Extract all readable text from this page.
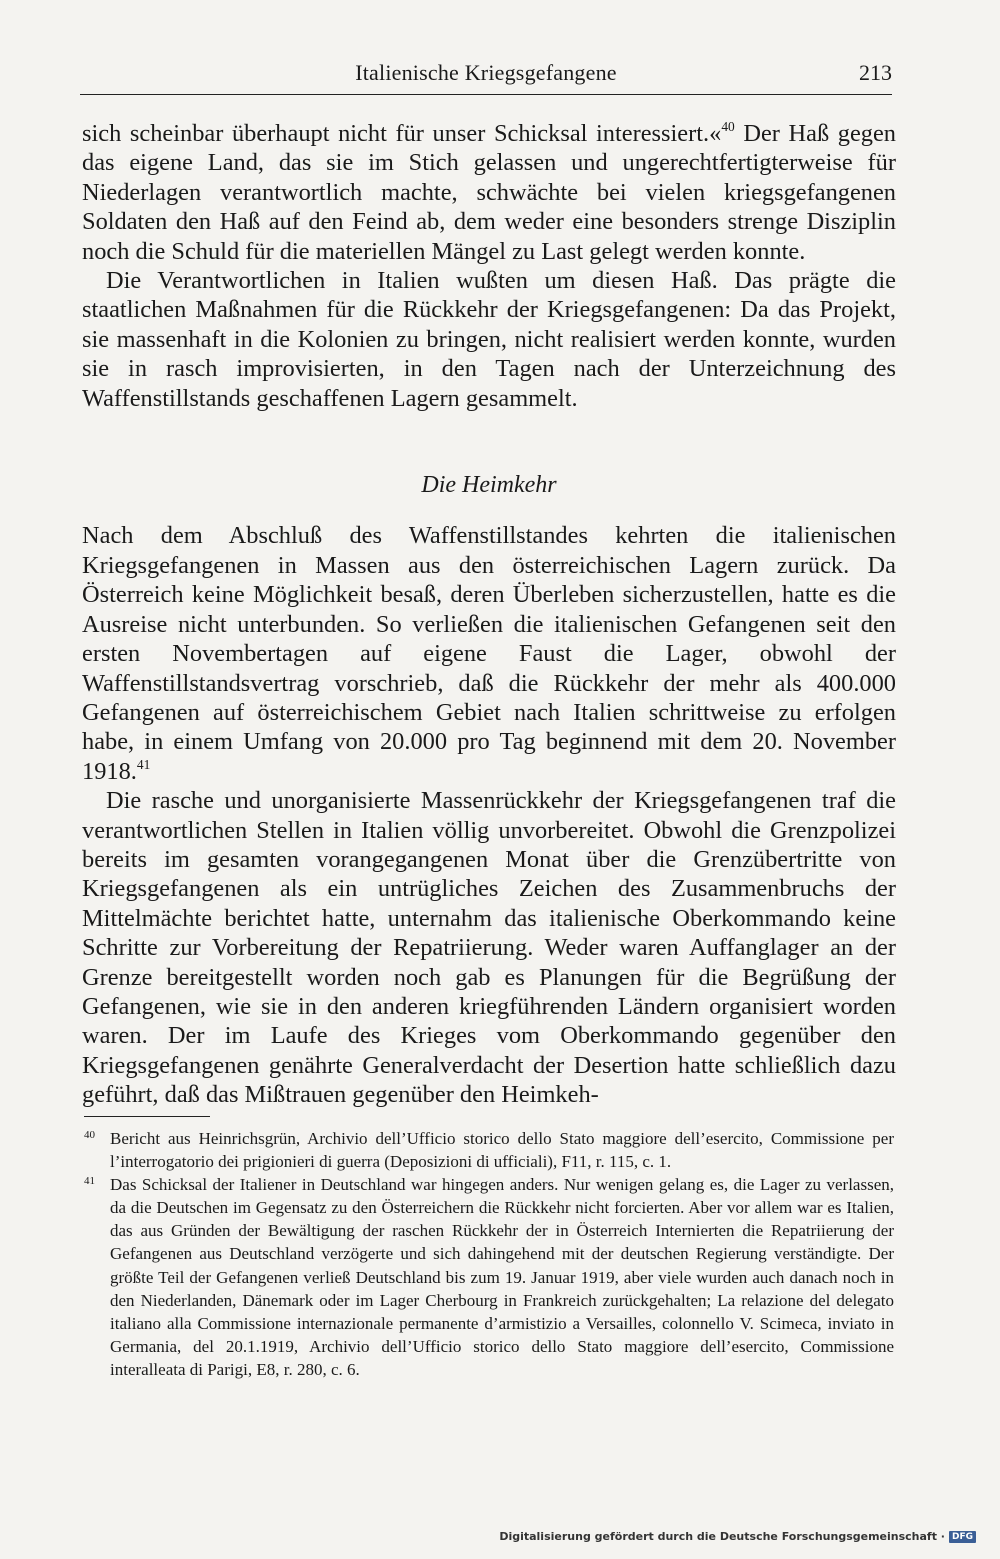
Italienische Kriegsgefangene	213

sich scheinbar überhaupt nicht für unser Schicksal interessiert.«$^{40}$ Der Haß gegen das eigene Land, das sie im Stich gelassen und ungerechtfertigterweise für Niederlagen verantwortlich machte, schwächte bei vielen kriegsgefangenen Soldaten den Haß auf den Feind ab, dem weder eine besonders strenge Disziplin noch die Schuld für die materiellen Mängel zu Last gelegt werden konnte.

Die Verantwortlichen in Italien wußten um diesen Haß. Das prägte die staatlichen Maßnahmen für die Rückkehr der Kriegsgefangenen: Da das Projekt, sie massenhaft in die Kolonien zu bringen, nicht realisiert werden konnte, wurden sie in rasch improvisierten, in den Tagen nach der Unterzeichnung des Waffenstillstands geschaffenen Lagern gesammelt.

Die Heimkehr

Nach dem Abschluß des Waffenstillstandes kehrten die italienischen Kriegsgefangenen in Massen aus den österreichischen Lagern zurück. Da Österreich keine Möglichkeit besaß, deren Überleben sicherzustellen, hatte es die Ausreise nicht unterbunden. So verließen die italienischen Gefangenen seit den ersten Novembertagen auf eigene Faust die Lager, obwohl der Waffenstillstandsvertrag vorschrieb, daß die Rückkehr der mehr als 400.000 Gefangenen auf österreichischem Gebiet nach Italien schrittweise zu erfolgen habe, in einem Umfang von 20.000 pro Tag beginnend mit dem 20. November 1918.41

Die rasche und unorganisierte Massenrückkehr der Kriegsgefangenen traf die verantwortlichen Stellen in Italien völlig unvorbereitet. Obwohl die Grenzpolizei bereits im gesamten vorangegangenen Monat über die Grenzübertritte von Kriegsgefangenen als ein untrügliches Zeichen des Zusammenbruchs der Mittelmächte berichtet hatte, unternahm das italienische Oberkommando keine Schritte zur Vorbereitung der Repatriierung. Weder waren Auffanglager an der Grenze bereitgestellt worden noch gab es Planungen für die Begrüßung der Gefangenen, wie sie in den anderen kriegführenden Ländern organisiert worden waren. Der im Laufe des Krieges vom Oberkommando gegenüber den Kriegsgefangenen genährte Generalverdacht der Desertion hatte schließlich dazu geführt, daß das Mißtrauen gegenüber den Heimkeh-

40 Bericht aus Heinrichsgrün, Archivio dell’Ufficio storico dello Stato maggiore dell’esercito, Commissione per l’interrogatorio dei prigionieri di guerra (Deposizioni di ufficiali), F11, r. 115, c. 1.

41 Das Schicksal der Italiener in Deutschland war hingegen anders. Nur wenigen gelang es, die Lager zu verlassen, da die Deutschen im Gegensatz zu den Österreichern die Rückkehr nicht forcierten. Aber vor allem war es Italien, das aus Gründen der Bewältigung der raschen Rückkehr der in Österreich Internierten die Repatriierung der Gefangenen aus Deutschland verzögerte und sich dahingehend mit der deutschen Regierung verständigte. Der größte Teil der Gefangenen verließ Deutschland bis zum 19. Januar 1919, aber viele wurden auch danach noch in den Niederlanden, Dänemark oder im Lager Cherbourg in Frankreich zurückgehalten; La relazione del delegato italiano alla Commissione internazionale permanente d’armistizio a Versailles, colonnello V. Scimeca, inviato in Germania, del 20.1.1919, Archivio dell’Ufficio storico dello Stato maggiore dell’esercito, Commissione interalleata di Parigi, E8, r. 280, c. 6.

Digitalisierung gefördert durch die Deutsche Forschungsgemeinschaft · DFG
